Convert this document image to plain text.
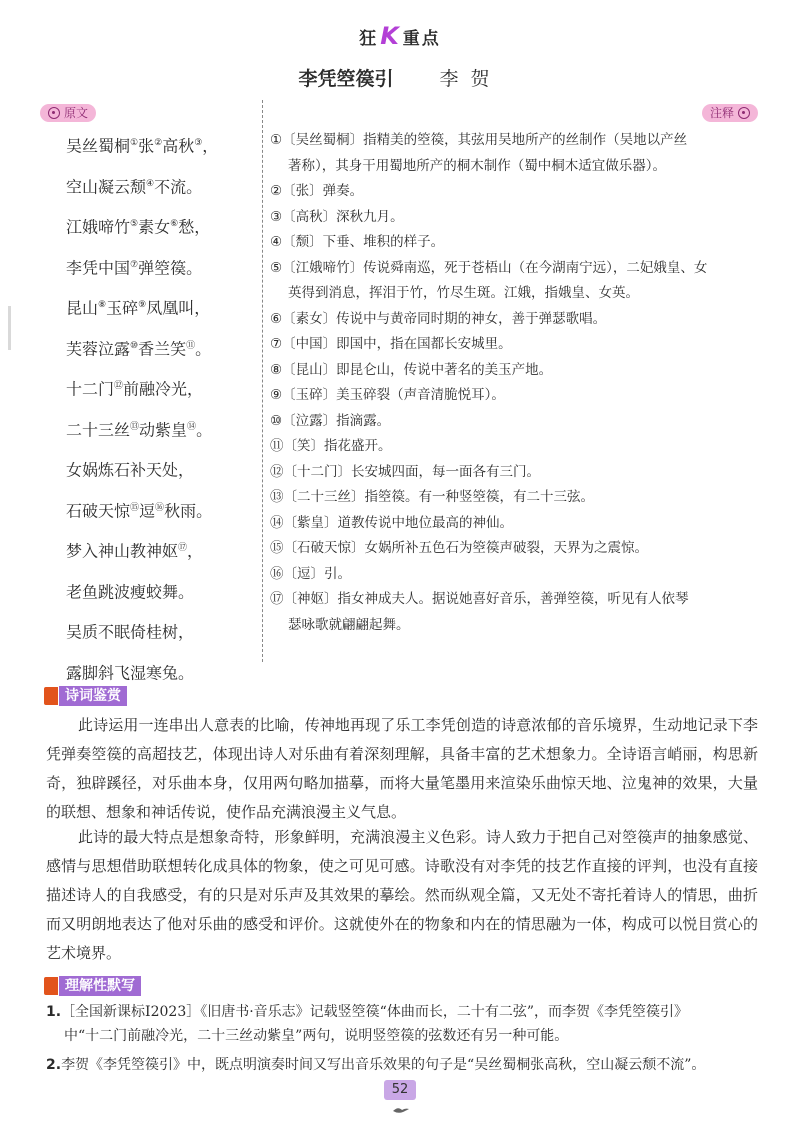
狂K 重点
李凭箜篌引 李贺
原文	注释
吴丝蜀桐①张②高秋③，
空山凝云颓④不流。
江娥啼竹⑤素女⑥愁，
李凭中国⑦弹箜篌。
昆山⑧玉碎⑨凤凰叫，
芙蓉泣露⑩香兰笑⑪。
十二门⑫前融冷光，
二十三丝⑬动紫皇⑭。
女娲炼石补天处，
石破天惊⑮逗⑯秋雨。
梦入神山教神妪⑰，
老鱼跳波瘦蛟舞。
吴质不眠倚桂树，
露脚斜飞湿寒兔。
①〔吴丝蜀桐〕指精美的箜篌，其弦用吴地所产的丝制作（吴地以产丝
著称），其身干用蜀地所产的桐木制作（蜀中桐木适宜做乐器）。
②〔张〕弹奏。
③〔高秋〕深秋九月。
④〔颓〕下垂、堆积的样子。
⑤〔江娥啼竹〕传说舜南巡，死于苍梧山（在今湖南宁远），二妃娥皇、女
英得到消息，挥泪于竹，竹尽生斑。江娥，指娥皇、女英。
⑥〔素女〕传说中与黄帝同时期的神女，善于弹瑟歌唱。
⑦〔中国〕即国中，指在国都长安城里。
⑧〔昆山〕即昆仑山，传说中著名的美玉产地。
⑨〔玉碎〕美玉碎裂（声音清脆悦耳）。
⑩〔泣露〕指滴露。
⑪〔笑〕指花盛开。
⑫〔十二门〕长安城四面，每一面各有三门。
⑬〔二十三丝〕指箜篌。有一种竖箜篌，有二十三弦。
⑭〔紫皇〕道教传说中地位最高的神仙。
⑮〔石破天惊〕女娲所补五色石为箜篌声破裂，天界为之震惊。
⑯〔逗〕引。
⑰〔神妪〕指女神成夫人。据说她喜好音乐，善弹箜篌，听见有人依琴
瑟咏歌就翩翩起舞。
诗词鉴赏
此诗运用一连串出人意表的比喻，传神地再现了乐工李凭创造的诗意浓郁的音乐境界，生动地记录下李凭弹奏箜篌的高超技艺，体现出诗人对乐曲有着深刻理解，具备丰富的艺术想象力。全诗语言峭丽，构思新奇，独辟蹊径，对乐曲本身，仅用两句略加描摹，而将大量笔墨用来渲染乐曲惊天地、泣鬼神的效果，大量的联想、想象和神话传说，使作品充满浪漫主义气息。
此诗的最大特点是想象奇特，形象鲜明，充满浪漫主义色彩。诗人致力于把自己对箜篌声的抽象感觉、感情与思想借助联想转化成具体的物象，使之可见可感。诗歌没有对李凭的技艺作直接的评判，也没有直接描述诗人的自我感受，有的只是对乐声及其效果的摹绘。然而纵观全篇，又无处不寄托着诗人的情思，曲折而又明朗地表达了他对乐曲的感受和评价。这就使外在的物象和内在的情思融为一体，构成可以悦目赏心的艺术境界。
理解性默写
1.［全国新课标Ⅰ2023］《旧唐书·音乐志》记载竖箜篌“体曲而长，二十有二弦”，而李贺《李凭箜篌引》
中“十二门前融冷光，二十三丝动紫皇”两句，说明竖箜篌的弦数还有另一种可能。
2.李贺《李凭箜篌引》中，既点明演奏时间又写出音乐效果的句子是“吴丝蜀桐张高秋，空山凝云颓不流”。
52
